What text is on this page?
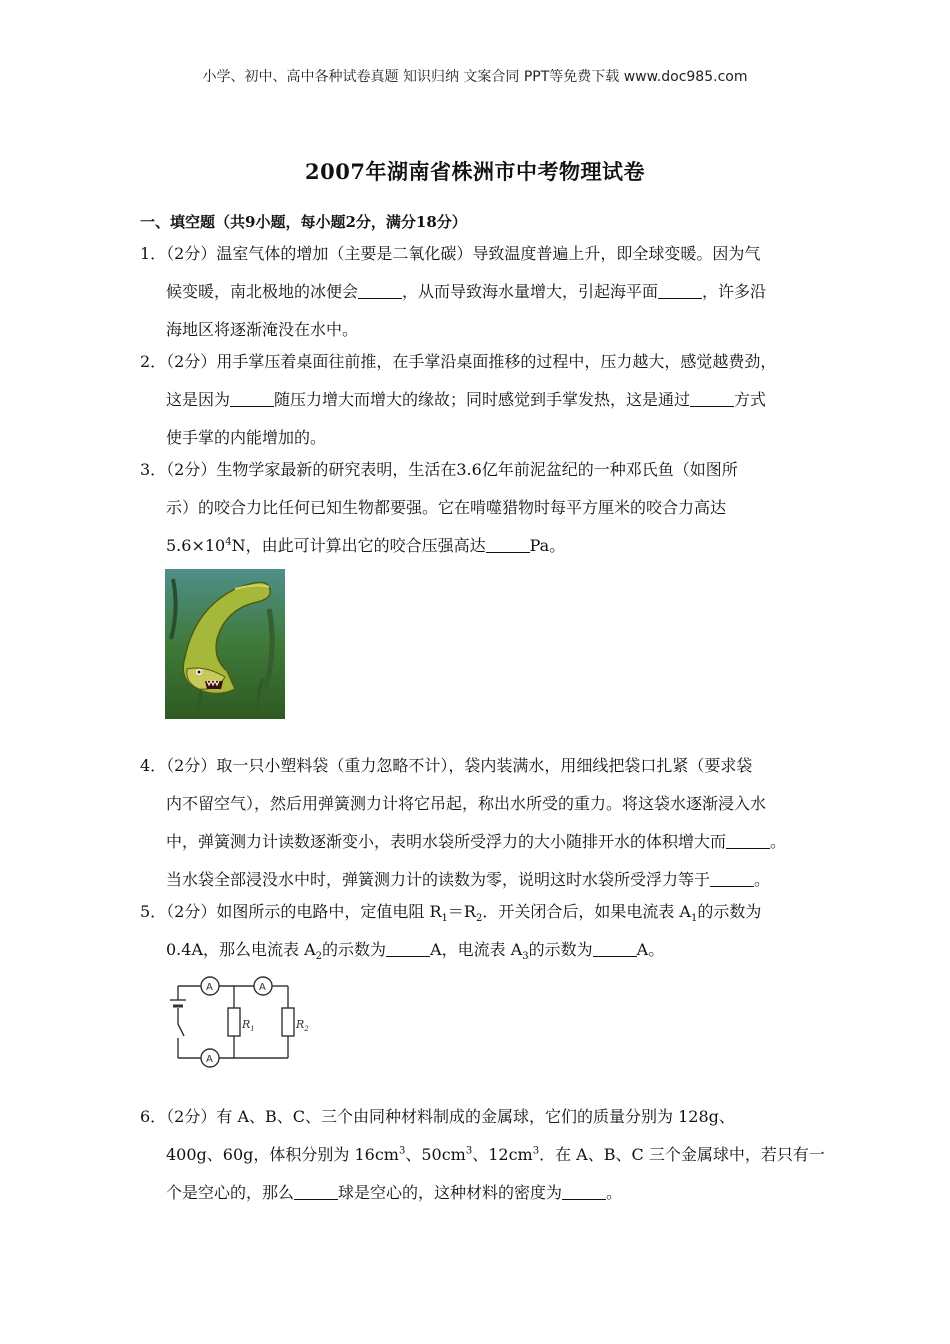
小学、初中、高中各种试卷真题 知识归纳 文案合同 PPT等免费下载 www.doc985.com
2007年湖南省株洲市中考物理试卷
一、填空题（共9小题，每小题2分，满分18分）
1．（2分）温室气体的增加（主要是二氧化碳）导致温度普遍上升，即全球变暖。因为气
候变暖，南北极地的冰便会	，从而导致海水量增大，引起海平面	，许多沿
海地区将逐渐淹没在水中。
2．（2分）用手掌压着桌面往前推，在手掌沿桌面推移的过程中，压力越大，感觉越费劲，
这是因为	随压力增大而增大的缘故；同时感觉到手掌发热，这是通过	方式
使手掌的内能增加的。
3．（2分）生物学家最新的研究表明，生活在3.6亿年前泥盆纪的一种邓氏鱼（如图所
示）的咬合力比任何已知生物都要强。它在啃噬猎物时每平方厘米的咬合力高达
$5.6\times 10^4N$，由此可计算出它的咬合压强高达	Pa。
4．（2分）取一只小塑料袋（重力忽略不计），袋内装满水，用细线把袋口扎紧（要求袋
内不留空气），然后用弹簧测力计将它吊起，称出水所受的重力。将这袋水逐渐浸入水
中，弹簧测力计读数逐渐变小，表明水袋所受浮力的大小随排开水的体积增大而	。
当水袋全部浸没水中时，弹簧测力计的读数为零，说明这时水袋所受浮力等于	。
5．（2分）如图所示的电路中，定值电阻 $R_1=R_2$．开关闭合后，如果电流表 $A_1$的示数为
0.4A，那么电流表 $A_2$的示数为	A，电流表 $A_3$的示数为	A。
$R_1$	$R_2$
A	A
A
6．（2分）有 A、B、C、三个由同种材料制成的金属球，它们的质量分别为 128g、
400g、60g，体积分别为 $16cm^3$、$50cm^3$、$12cm^3$．在 A、B、C 三个金属球中，若只有一
个是空心的，那么	球是空心的，这种材料的密度为	。
